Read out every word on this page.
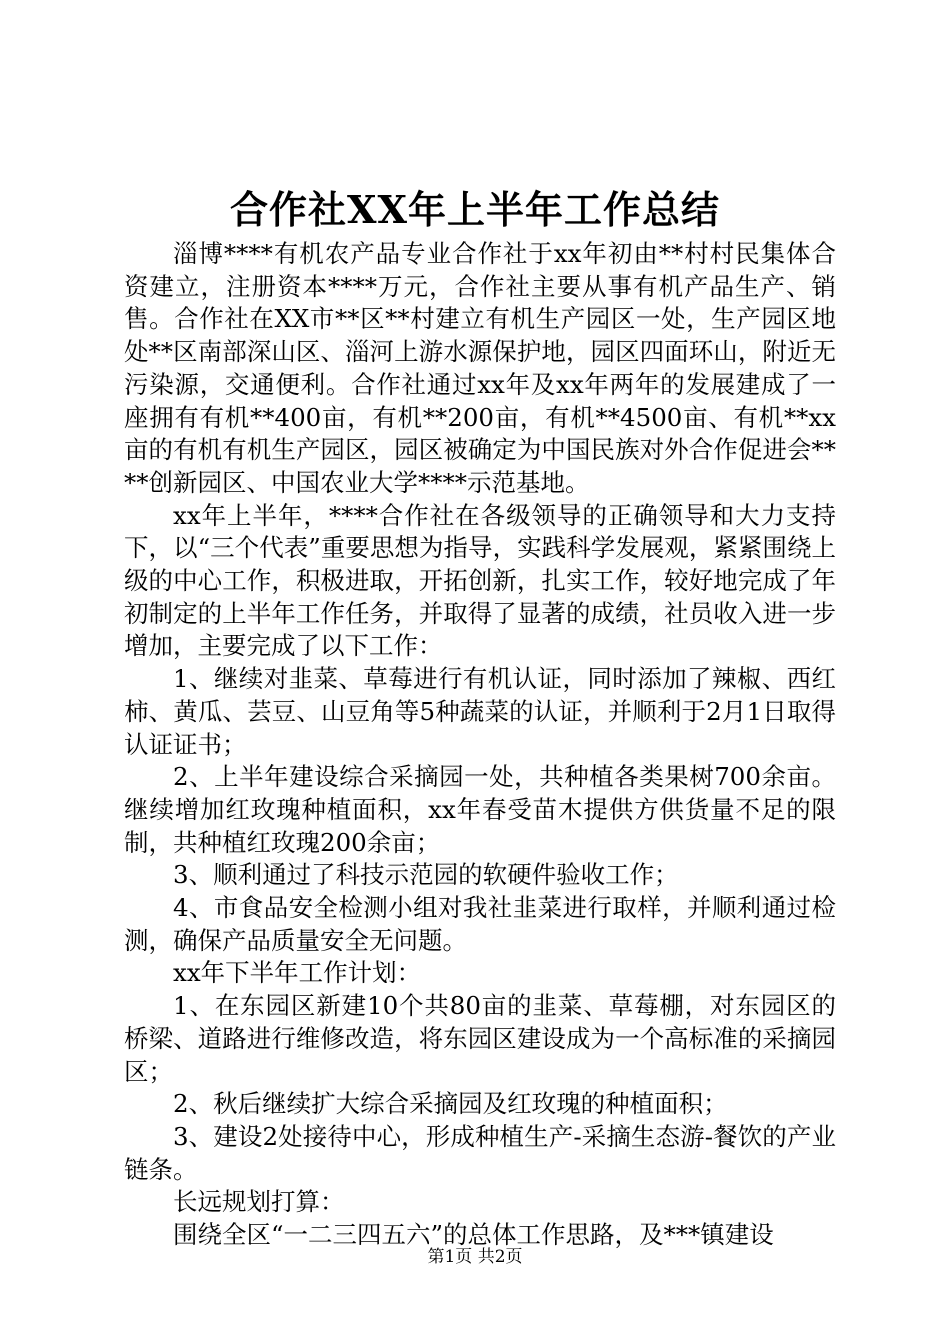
合作社XX年上半年工作总结

淄博****有机农产品专业合作社于xx年初由**村村民集体合资建立，注册资本****万元，合作社主要从事有机产品生产、销售。合作社在XX市**区**村建立有机生产园区一处，生产园区地处**区南部深山区、淄河上游水源保护地，园区四面环山，附近无污染源，交通便利。合作社通过xx年及xx年两年的发展建成了一座拥有有机**400亩，有机**200亩，有机**4500亩、有机**xx亩的有机有机生产园区，园区被确定为中国民族对外合作促进会****创新园区、中国农业大学****示范基地。

xx年上半年，****合作社在各级领导的正确领导和大力支持下，以“三个代表”重要思想为指导，实践科学发展观，紧紧围绕上级的中心工作，积极进取，开拓创新，扎实工作，较好地完成了年初制定的上半年工作任务，并取得了显著的成绩，社员收入进一步增加，主要完成了以下工作：

1、继续对韭菜、草莓进行有机认证，同时添加了辣椒、西红柿、黄瓜、芸豆、山豆角等5种蔬菜的认证，并顺利于2月1日取得认证证书；

2、上半年建设综合采摘园一处，共种植各类果树700余亩。继续增加红玫瑰种植面积，xx年春受苗木提供方供货量不足的限制，共种植红玫瑰200余亩；

3、顺利通过了科技示范园的软硬件验收工作；

4、市食品安全检测小组对我社韭菜进行取样，并顺利通过检测，确保产品质量安全无问题。

xx年下半年工作计划：

1、在东园区新建10个共80亩的韭菜、草莓棚，对东园区的桥梁、道路进行维修改造，将东园区建设成为一个高标准的采摘园区；

2、秋后继续扩大综合采摘园及红玫瑰的种植面积；

3、建设2处接待中心，形成种植生产-采摘生态游-餐饮的产业链条。

长远规划打算：

围绕全区“一二三四五六”的总体工作思路，及***镇建设

第1页 共2页
